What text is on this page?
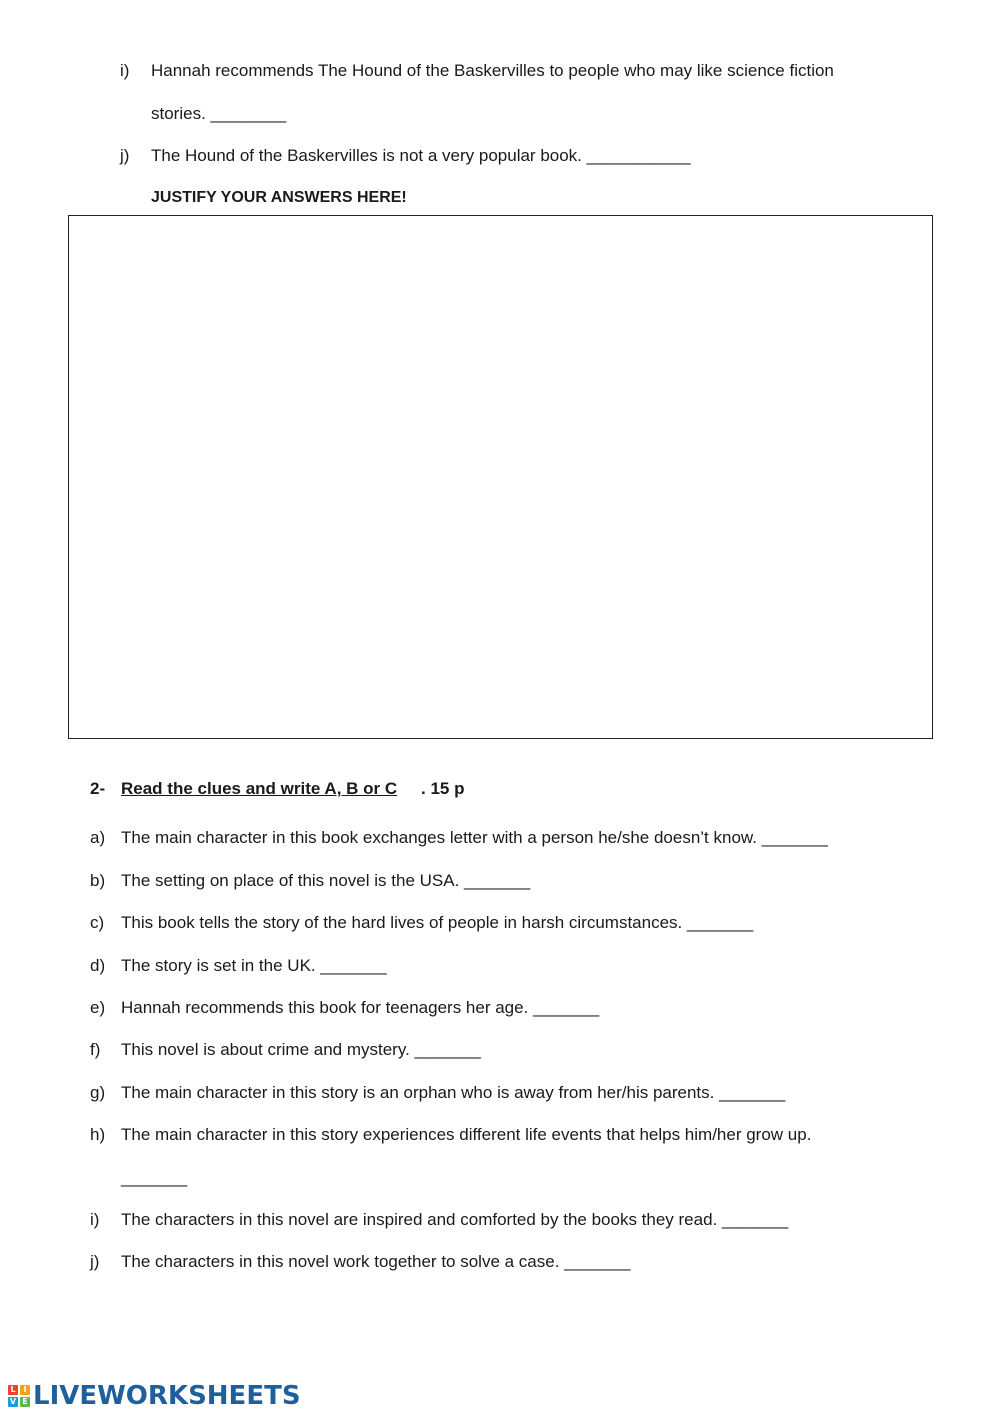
i) Hannah recommends The Hound of the Baskervilles to people who may like science fiction
stories. ________
j) The Hound of the Baskervilles is not a very popular book. ___________
JUSTIFY YOUR ANSWERS HERE!
2- Read the clues and write A, B or C . 15 p
a) The main character in this book exchanges letter with a person he/she doesn’t know. _______
b) The setting on place of this novel is the USA. _______
c) This book tells the story of the hard lives of people in harsh circumstances. _______
d) The story is set in the UK. _______
e) Hannah recommends this book for teenagers her age. _______
f) This novel is about crime and mystery. _______
g) The main character in this story is an orphan who is away from her/his parents. _______
h) The main character in this story experiences different life events that helps him/her grow up.
_______
i) The characters in this novel are inspired and comforted by the books they read. _______
j) The characters in this novel work together to solve a case. _______
L I
V E LIVEWORKSHEETS
